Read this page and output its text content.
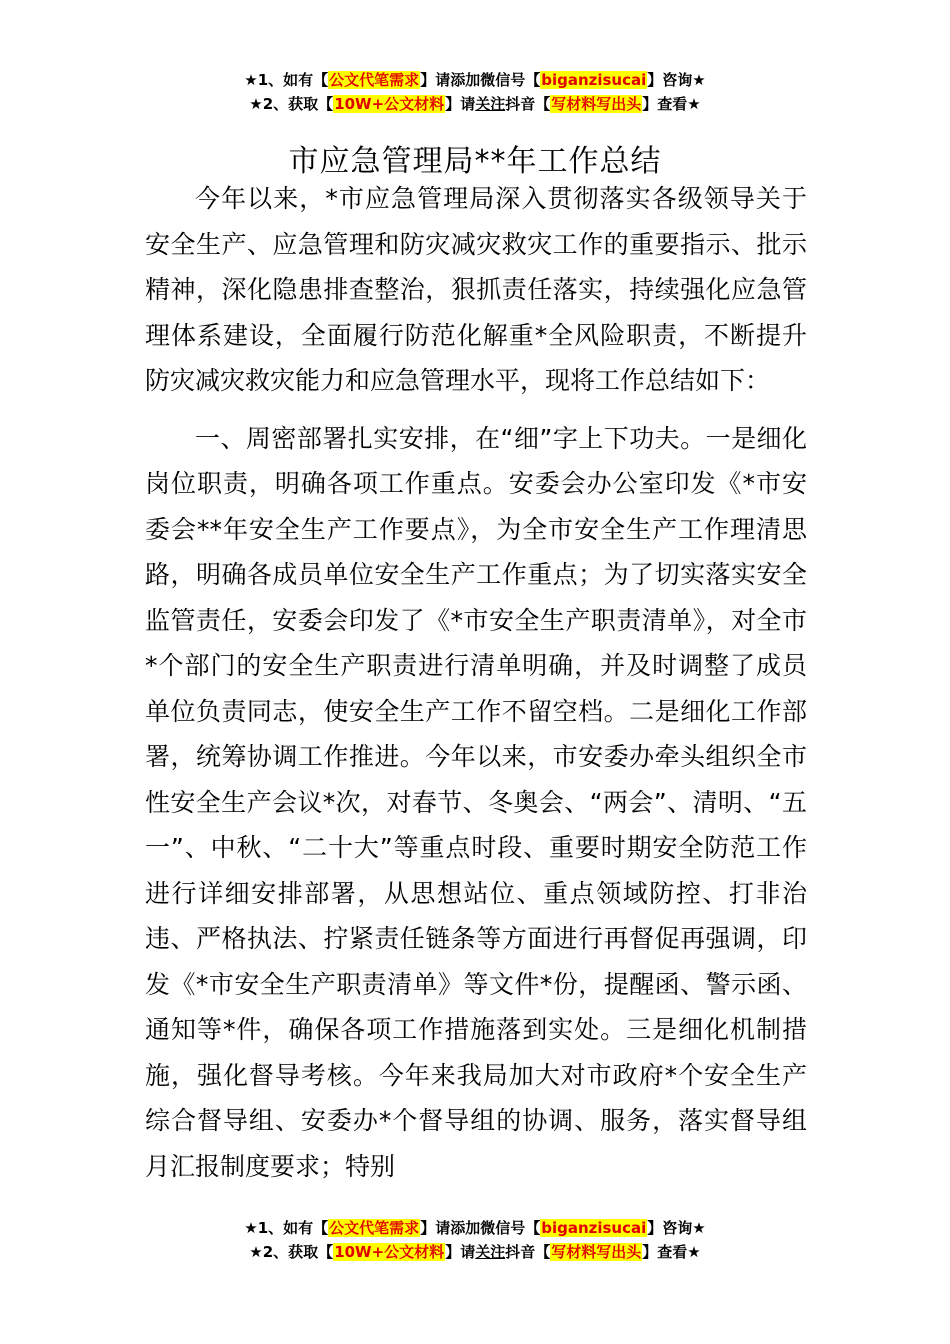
★1、如有【公文代笔需求】请添加微信号【biganzisucai】咨询★
★2、获取【10W+公文材料】请关注抖音【写材料写出头】查看★
市应急管理局**年工作总结

今年以来，*市应急管理局深入贯彻落实各级领导关于安全生产、应急管理和防灾减灾救灾工作的重要指示、批示精神，深化隐患排查整治，狠抓责任落实，持续强化应急管理体系建设，全面履行防范化解重*全风险职责，不断提升防灾减灾救灾能力和应急管理水平，现将工作总结如下：

一、周密部署扎实安排，在“细”字上下功夫。一是细化岗位职责，明确各项工作重点。安委会办公室印发《*市安委会**年安全生产工作要点》，为全市安全生产工作理清思路，明确各成员单位安全生产工作重点；为了切实落实安全监管责任，安委会印发了《*市安全生产职责清单》，对全市*个部门的安全生产职责进行清单明确，并及时调整了成员单位负责同志，使安全生产工作不留空档。二是细化工作部署，统筹协调工作推进。今年以来，市安委办牵头组织全市性安全生产会议*次，对春节、冬奥会、“两会”、清明、“五一”、中秋、“二十大”等重点时段、重要时期安全防范工作进行详细安排部署，从思想站位、重点领域防控、打非治违、严格执法、拧紧责任链条等方面进行再督促再强调，印发《*市安全生产职责清单》等文件*份，提醒函、警示函、通知等*件，确保各项工作措施落到实处。三是细化机制措施，强化督导考核。今年来我局加大对市政府*个安全生产综合督导组、安委办*个督导组的协调、服务，落实督导组月汇报制度要求；特别

★1、如有【公文代笔需求】请添加微信号【biganzisucai】咨询★
★2、获取【10W+公文材料】请关注抖音【写材料写出头】查看★
